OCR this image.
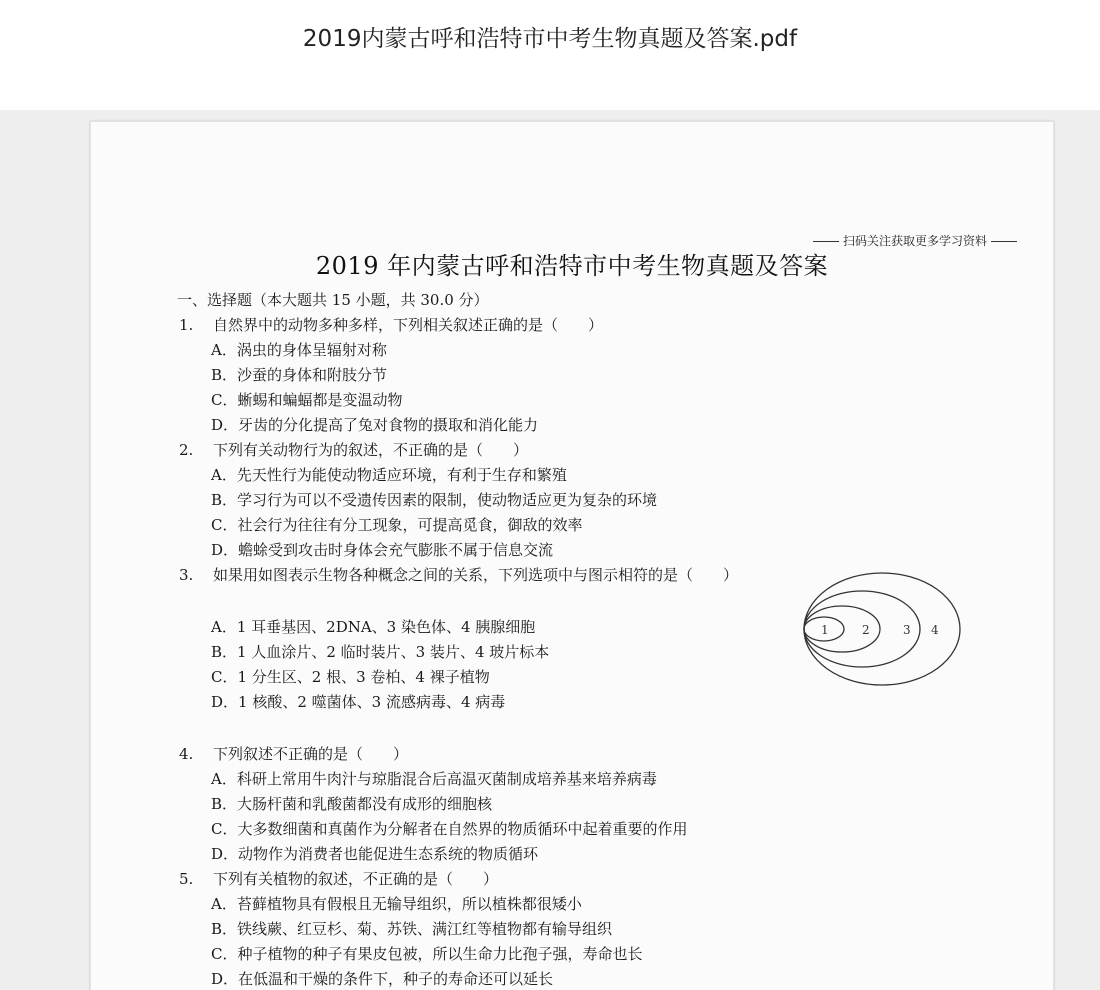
2019内蒙古呼和浩特市中考生物真题及答案.pdf
扫码关注获取更多学习资料
2019 年内蒙古呼和浩特市中考生物真题及答案
一、选择题（本大题共 15 小题，共 30.0 分）
1. 自然界中的动物多种多样，下列相关叙述正确的是（　　）
A．涡虫的身体呈辐射对称
B．沙蚕的身体和附肢分节
C．蜥蜴和蝙蝠都是变温动物
D．牙齿的分化提高了兔对食物的摄取和消化能力
2. 下列有关动物行为的叙述，不正确的是（　　）
A．先天性行为能使动物适应环境，有利于生存和繁殖
B．学习行为可以不受遗传因素的限制，使动物适应更为复杂的环境
C．社会行为往往有分工现象，可提高觅食，御敌的效率
D．蟾蜍受到攻击时身体会充气膨胀不属于信息交流
3. 如果用如图表示生物各种概念之间的关系，下列选项中与图示相符的是（　　）
A．1 耳垂基因、2DNA、3 染色体、4 胰腺细胞
B．1 人血涂片、2 临时装片、3 装片、4 玻片标本
C．1 分生区、2 根、3 卷柏、4 裸子植物
D．1 核酸、2 噬菌体、3 流感病毒、4 病毒
4. 下列叙述不正确的是（　　）
A．科研上常用牛肉汁与琼脂混合后高温灭菌制成培养基来培养病毒
B．大肠杆菌和乳酸菌都没有成形的细胞核
C．大多数细菌和真菌作为分解者在自然界的物质循环中起着重要的作用
D．动物作为消费者也能促进生态系统的物质循环
5. 下列有关植物的叙述，不正确的是（　　）
A．苔藓植物具有假根且无输导组织，所以植株都很矮小
B．铁线蕨、红豆杉、菊、苏铁、满江红等植物都有输导组织
C．种子植物的种子有果皮包被，所以生命力比孢子强，寿命也长
D．在低温和干燥的条件下，种子的寿命还可以延长
1	2	3 4
